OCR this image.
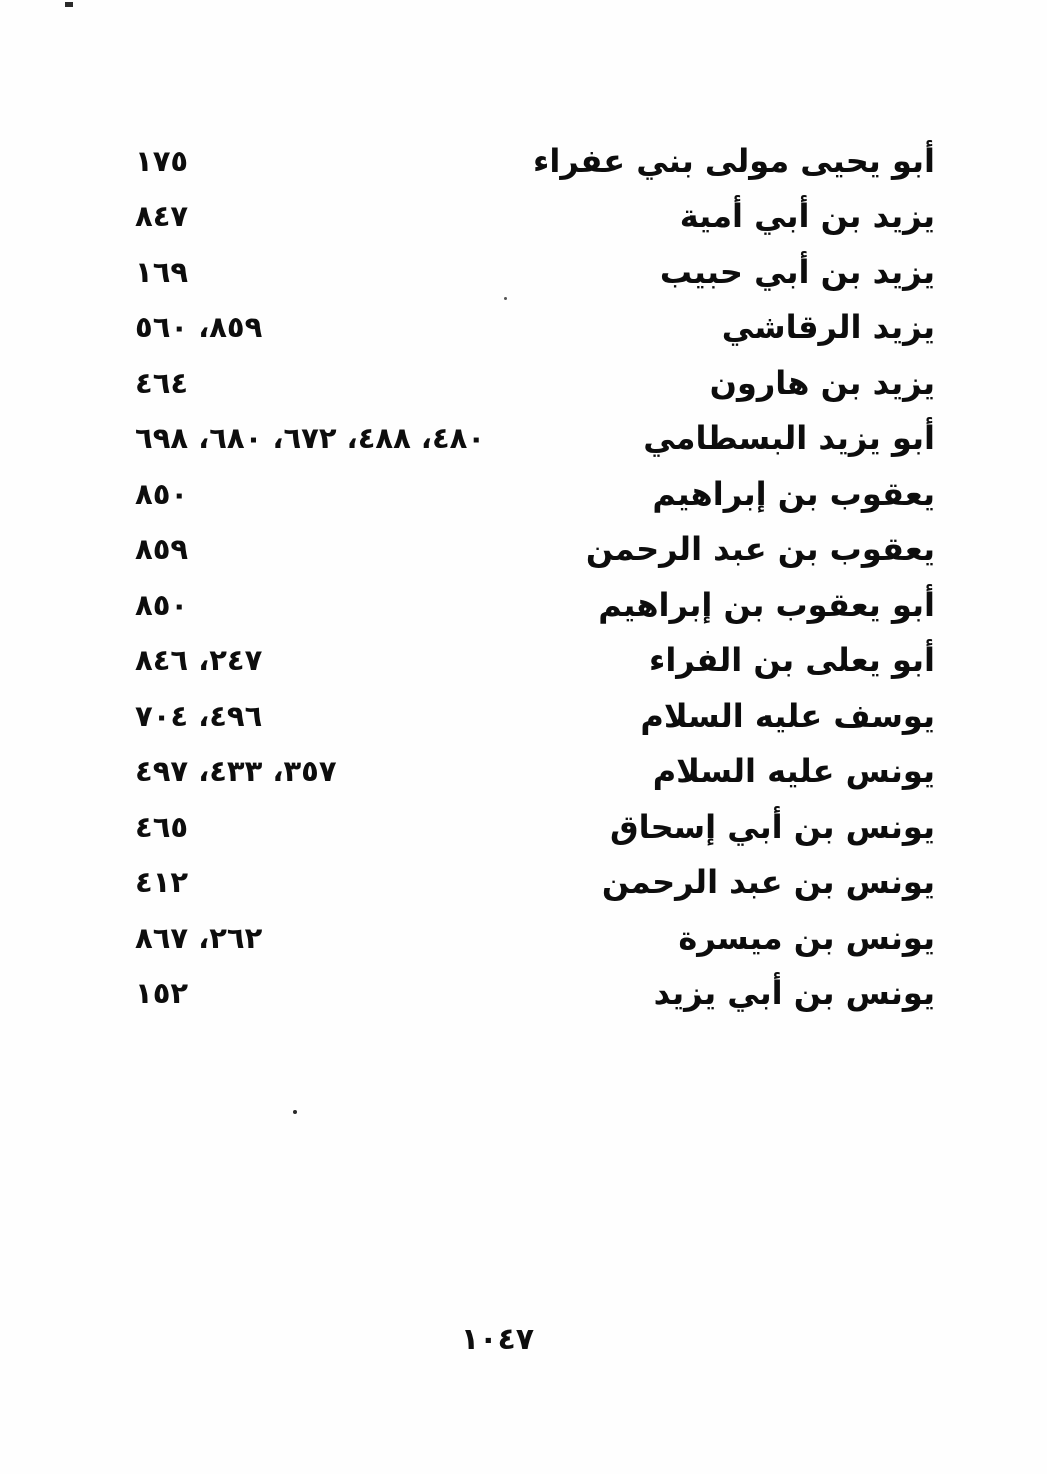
أبو يحيى مولى بني عفراء
١٧٥
يزيد بن أبي أمية
٨٤٧
يزيد بن أبي حبيب
١٦٩
يزيد الرقاشي
٨٥٩، ٥٦٠
يزيد بن هارون
٤٦٤
أبو يزيد البسطامي
٤٨٠، ٤٨٨، ٦٧٢، ٦٨٠، ٦٩٨
يعقوب بن إبراهيم
٨٥٠
يعقوب بن عبد الرحمن
٨٥٩
أبو يعقوب بن إبراهيم
٨٥٠
أبو يعلى بن الفراء
٢٤٧، ٨٤٦
يوسف عليه السلام
٤٩٦، ٧٠٤
يونس عليه السلام
٣٥٧، ٤٣٣، ٤٩٧
يونس بن أبي إسحاق
٤٦٥
يونس بن عبد الرحمن
٤١٢
يونس بن ميسرة
٢٦٢، ٨٦٧
يونس بن أبي يزيد
١٥٢
١٠٤٧
